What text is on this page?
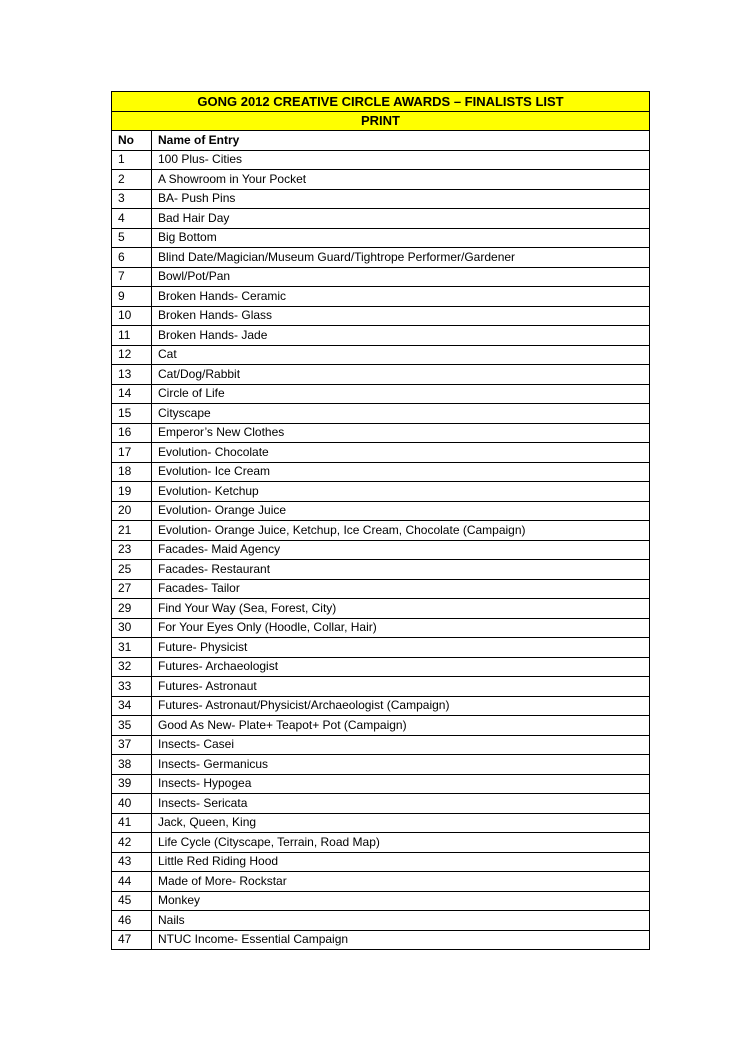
GONG 2012 CREATIVE CIRCLE AWARDS – FINALISTS LIST	
PRINT	
No	Name of Entry
1	100 Plus- Cities
2	A Showroom in Your Pocket
3	BA- Push Pins
4	Bad Hair Day
5	Big Bottom
6	Blind Date/Magician/Museum Guard/Tightrope Performer/Gardener
7	Bowl/Pot/Pan
9	Broken Hands- Ceramic
10	Broken Hands- Glass
11	Broken Hands- Jade
12	Cat
13	Cat/Dog/Rabbit
14	Circle of Life
15	Cityscape
16	Emperor’s New Clothes
17	Evolution- Chocolate
18	Evolution- Ice Cream
19	Evolution- Ketchup
20	Evolution- Orange Juice
21	Evolution- Orange Juice, Ketchup, Ice Cream, Chocolate (Campaign)
23	Facades- Maid Agency
25	Facades- Restaurant
27	Facades- Tailor
29	Find Your Way (Sea, Forest, City)
30	For Your Eyes Only (Hoodle, Collar, Hair)
31	Future- Physicist
32	Futures- Archaeologist
33	Futures- Astronaut
34	Futures- Astronaut/Physicist/Archaeologist (Campaign)
35	Good As New- Plate+ Teapot+ Pot (Campaign)
37	Insects- Casei
38	Insects- Germanicus
39	Insects- Hypogea
40	Insects- Sericata
41	Jack, Queen, King
42	Life Cycle (Cityscape, Terrain, Road Map)
43	Little Red Riding Hood
44	Made of More- Rockstar
45	Monkey
46	Nails
47	NTUC Income- Essential Campaign
